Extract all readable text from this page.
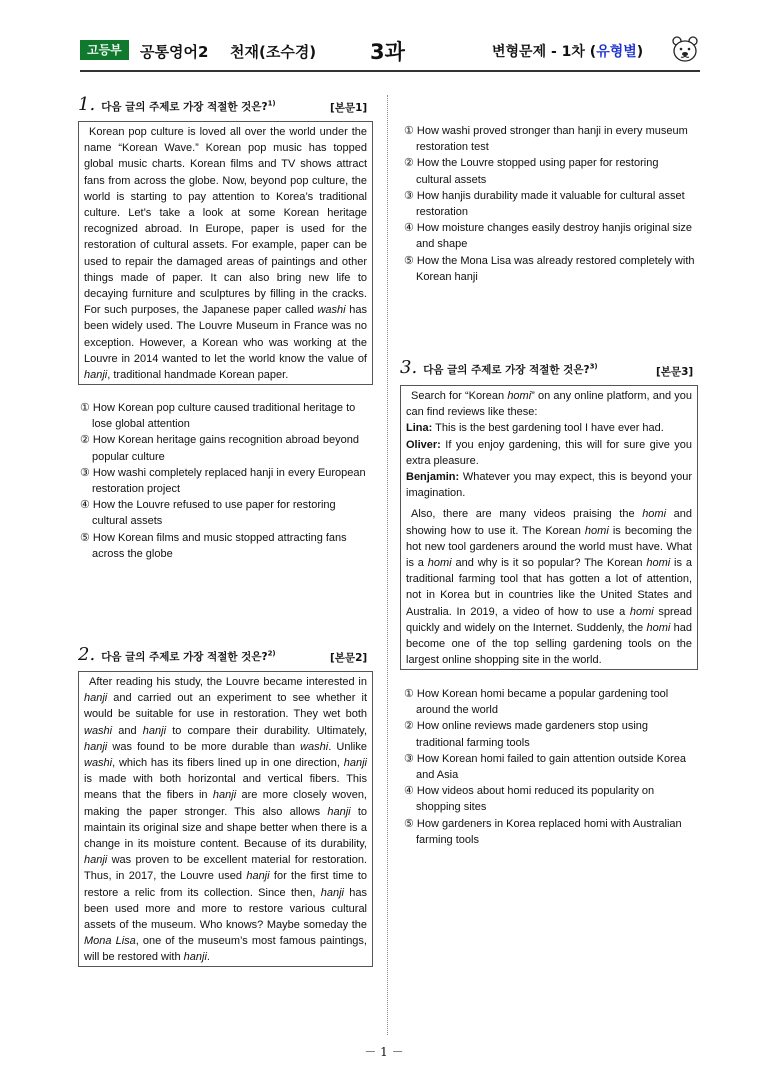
고등부	공통영어2 천재(조수경)	3과	변형문제 - 1차 (유형별)
1. 다음 글의 주제로 가장 적절한 것은?$^{1)}$	[본문1]

Korean pop culture is loved all over the world under the name “Korean Wave.” Korean pop music has topped global music charts. Korean films and TV shows attract fans from across the globe. Now, beyond pop culture, the world is starting to pay attention to Korea’s traditional culture. Let’s take a look at some Korean heritage recognized abroad. In Europe, paper is used for the restoration of cultural assets. For example, paper can be used to repair the damaged areas of paintings and other things made of paper. It can also bring new life to decaying furniture and sculptures by filling in the cracks. For such purposes, the Japanese paper called washi has been widely used. The Louvre Museum in France was no exception. However, a Korean who was working at the Louvre in 2014 wanted to let the world know the value of hanji, traditional handmade Korean paper.

① How Korean pop culture caused traditional heritage to lose global attention

② How Korean heritage gains recognition abroad beyond popular culture

③ How washi completely replaced hanji in every European restoration project

④ How the Louvre refused to use paper for restoring cultural assets

⑤ How Korean films and music stopped attracting fans across the globe

2. 다음 글의 주제로 가장 적절한 것은?$^{2)}$	[본문2]

After reading his study, the Louvre became interested in hanji and carried out an experiment to see whether it would be suitable for use in restoration. They wet both washi and hanji to compare their durability. Ultimately, hanji was found to be more durable than washi. Unlike washi, which has its fibers lined up in one direction, hanji is made with both horizontal and vertical fibers. This means that the fibers in hanji are more closely woven, making the paper stronger. This also allows hanji to maintain its original size and shape better when there is a change in its moisture content. Because of its durability, hanji was proven to be excellent material for restoration. Thus, in 2017, the Louvre used hanji for the first time to restore a relic from its collection. Since then, hanji has been used more and more to restore various cultural assets of the museum. Who knows? Maybe someday the Mona Lisa, one of the museum’s most famous paintings, will be restored with hanji.

① How washi proved stronger than hanji in every museum restoration test

② How the Louvre stopped using paper for restoring cultural assets

③ How hanjis durability made it valuable for cultural asset restoration

④ How moisture changes easily destroy hanjis original size and shape

⑤ How the Mona Lisa was already restored completely with Korean hanji

3. 다음 글의 주제로 가장 적절한 것은?$^{3)}$	[본문3]

Search for “Korean homi” on any online platform, and you can find reviews like these:

Lina: This is the best gardening tool I have ever had.

Oliver: If you enjoy gardening, this will for sure give you extra pleasure.

Benjamin: Whatever you may expect, this is beyond your imagination.

Also, there are many videos praising the homi and showing how to use it. The Korean homi is becoming the hot new tool gardeners around the world must have. What is a homi and why is it so popular? The Korean homi is a traditional farming tool that has gotten a lot of attention, not in Korea but in countries like the United States and Australia. In 2019, a video of how to use a homi spread quickly and widely on the Internet. Suddenly, the homi had become one of the top selling gardening tools on the largest online shopping site in the world.

① How Korean homi became a popular gardening tool around the world

② How online reviews made gardeners stop using traditional farming tools

③ How Korean homi failed to gain attention outside Korea and Asia

④ How videos about homi reduced its popularity on shopping sites

⑤ How gardeners in Korea replaced homi with Australian farming tools

－ 1 －
